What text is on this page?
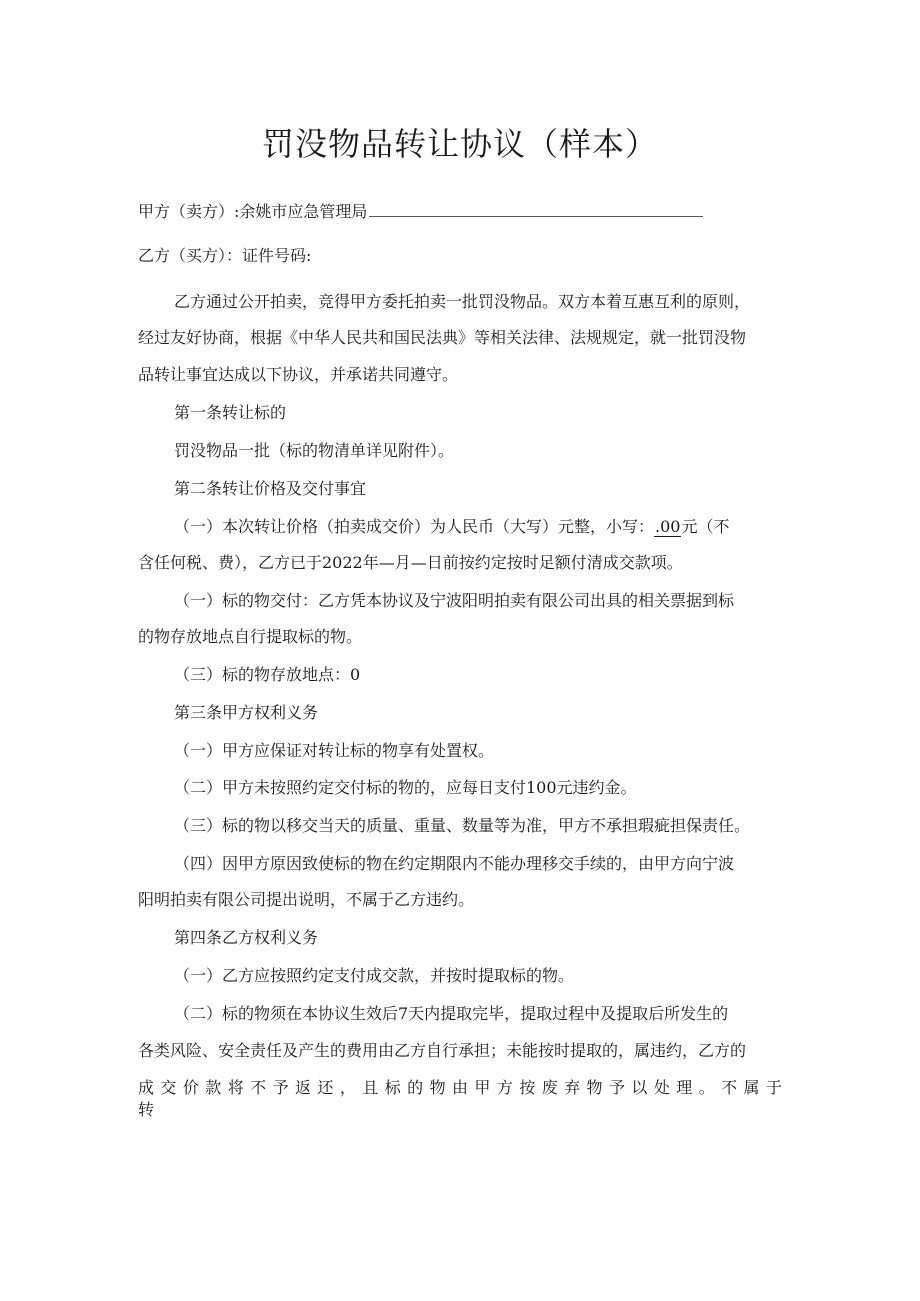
罚没物品转让协议（样本）
甲方（卖方）:余姚市应急管理局
乙方（买方）：证件号码:
乙方通过公开拍卖，竞得甲方委托拍卖一批罚没物品。双方本着互惠互利的原则，
经过友好协商，根据《中华人民共和国民法典》等相关法律、法规规定，就一批罚没物
品转让事宜达成以下协议，并承诺共同遵守。
第一条转让标的
罚没物品一批（标的物清单详见附件）。
第二条转让价格及交付事宜
（一）本次转让价格（拍卖成交价）为人民币（大写）元整，小写：.00元（不
含任何税、费），乙方已于2022年—月—日前按约定按时足额付清成交款项。
（一）标的物交付：乙方凭本协议及宁波阳明拍卖有限公司出具的相关票据到标
的物存放地点自行提取标的物。
（三）标的物存放地点：0
第三条甲方权利义务
（一）甲方应保证对转让标的物享有处置权。
（二）甲方未按照约定交付标的物的，应每日支付100元违约金。
（三）标的物以移交当天的质量、重量、数量等为准，甲方不承担瑕疵担保责任。
（四）因甲方原因致使标的物在约定期限内不能办理移交手续的，由甲方向宁波
阳明拍卖有限公司提出说明，不属于乙方违约。
第四条乙方权利义务
（一）乙方应按照约定支付成交款，并按时提取标的物。
（二）标的物须在本协议生效后7天内提取完毕，提取过程中及提取后所发生的
各类风险、安全责任及产生的费用由乙方自行承担；未能按时提取的，属违约，乙方的
成交价款将不予返还，且标的物由甲方按废弃物予以处理。不属于转
